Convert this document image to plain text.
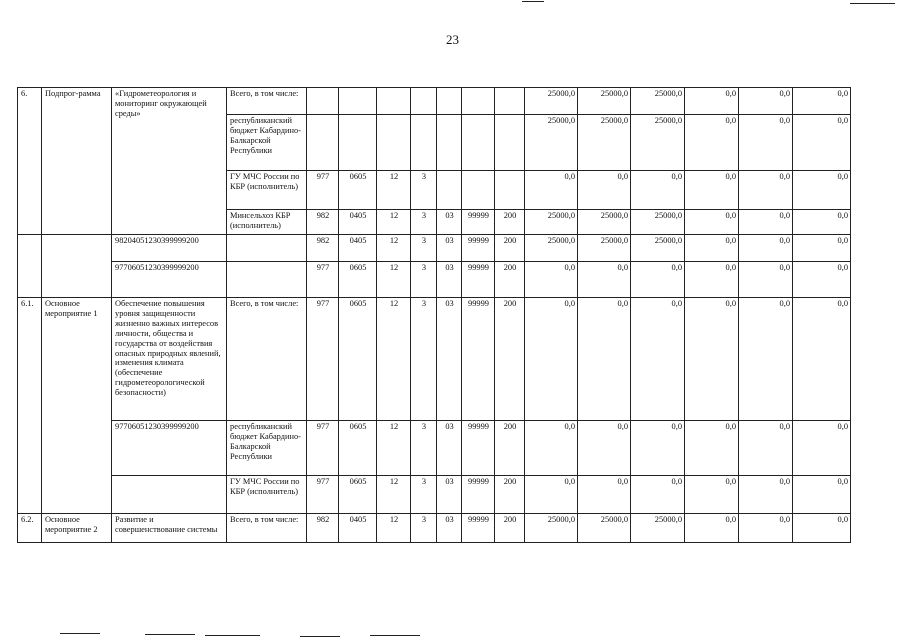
23
6.	Подпрог-раммa	«Гидрометеорология и мониторинг окружающей среды»	Всего, в том числе:								25000,0	25000,0	25000,0	0,0	0,0	0,0
			республиканский бюджет Кабардино-Балкарской Республики								25000,0	25000,0	25000,0	0,0	0,0	0,0
			ГУ МЧС России по КБР (исполнитель)	977	0605	12	3				0,0	0,0	0,0	0,0	0,0	0,0
			Минсельхоз КБР (исполнитель)	982	0405	12	3	03	99999	200	25000,0	25000,0	25000,0	0,0	0,0	0,0
		98204051230399999200		982	0405	12	3	03	99999	200	25000,0	25000,0	25000,0	0,0	0,0	0,0
		97706051230399999200		977	0605	12	3	03	99999	200	0,0	0,0	0,0	0,0	0,0	0,0
6.1.	Основное мероприятие 1	Обеспечение повышения уровня защищенности жизненно важных интересов личности, общества и государства от воздействия опасных природных явлений, изменения климата (обеспечение гидрометеорологической безопасности)	Всего, в том числе:	977	0605	12	3	03	99999	200	0,0	0,0	0,0	0,0	0,0	0,0
		97706051230399999200	республиканский бюджет Кабардино-Балкарской Республики	977	0605	12	3	03	99999	200	0,0	0,0	0,0	0,0	0,0	0,0
			ГУ МЧС России по КБР (исполнитель)	977	0605	12	3	03	99999	200	0,0	0,0	0,0	0,0	0,0	0,0
6.2.	Основное мероприятие 2	Развитие и совершенствование системы	Всего, в том числе:	982	0405	12	3	03	99999	200	25000,0	25000,0	25000,0	0,0	0,0	0,0
